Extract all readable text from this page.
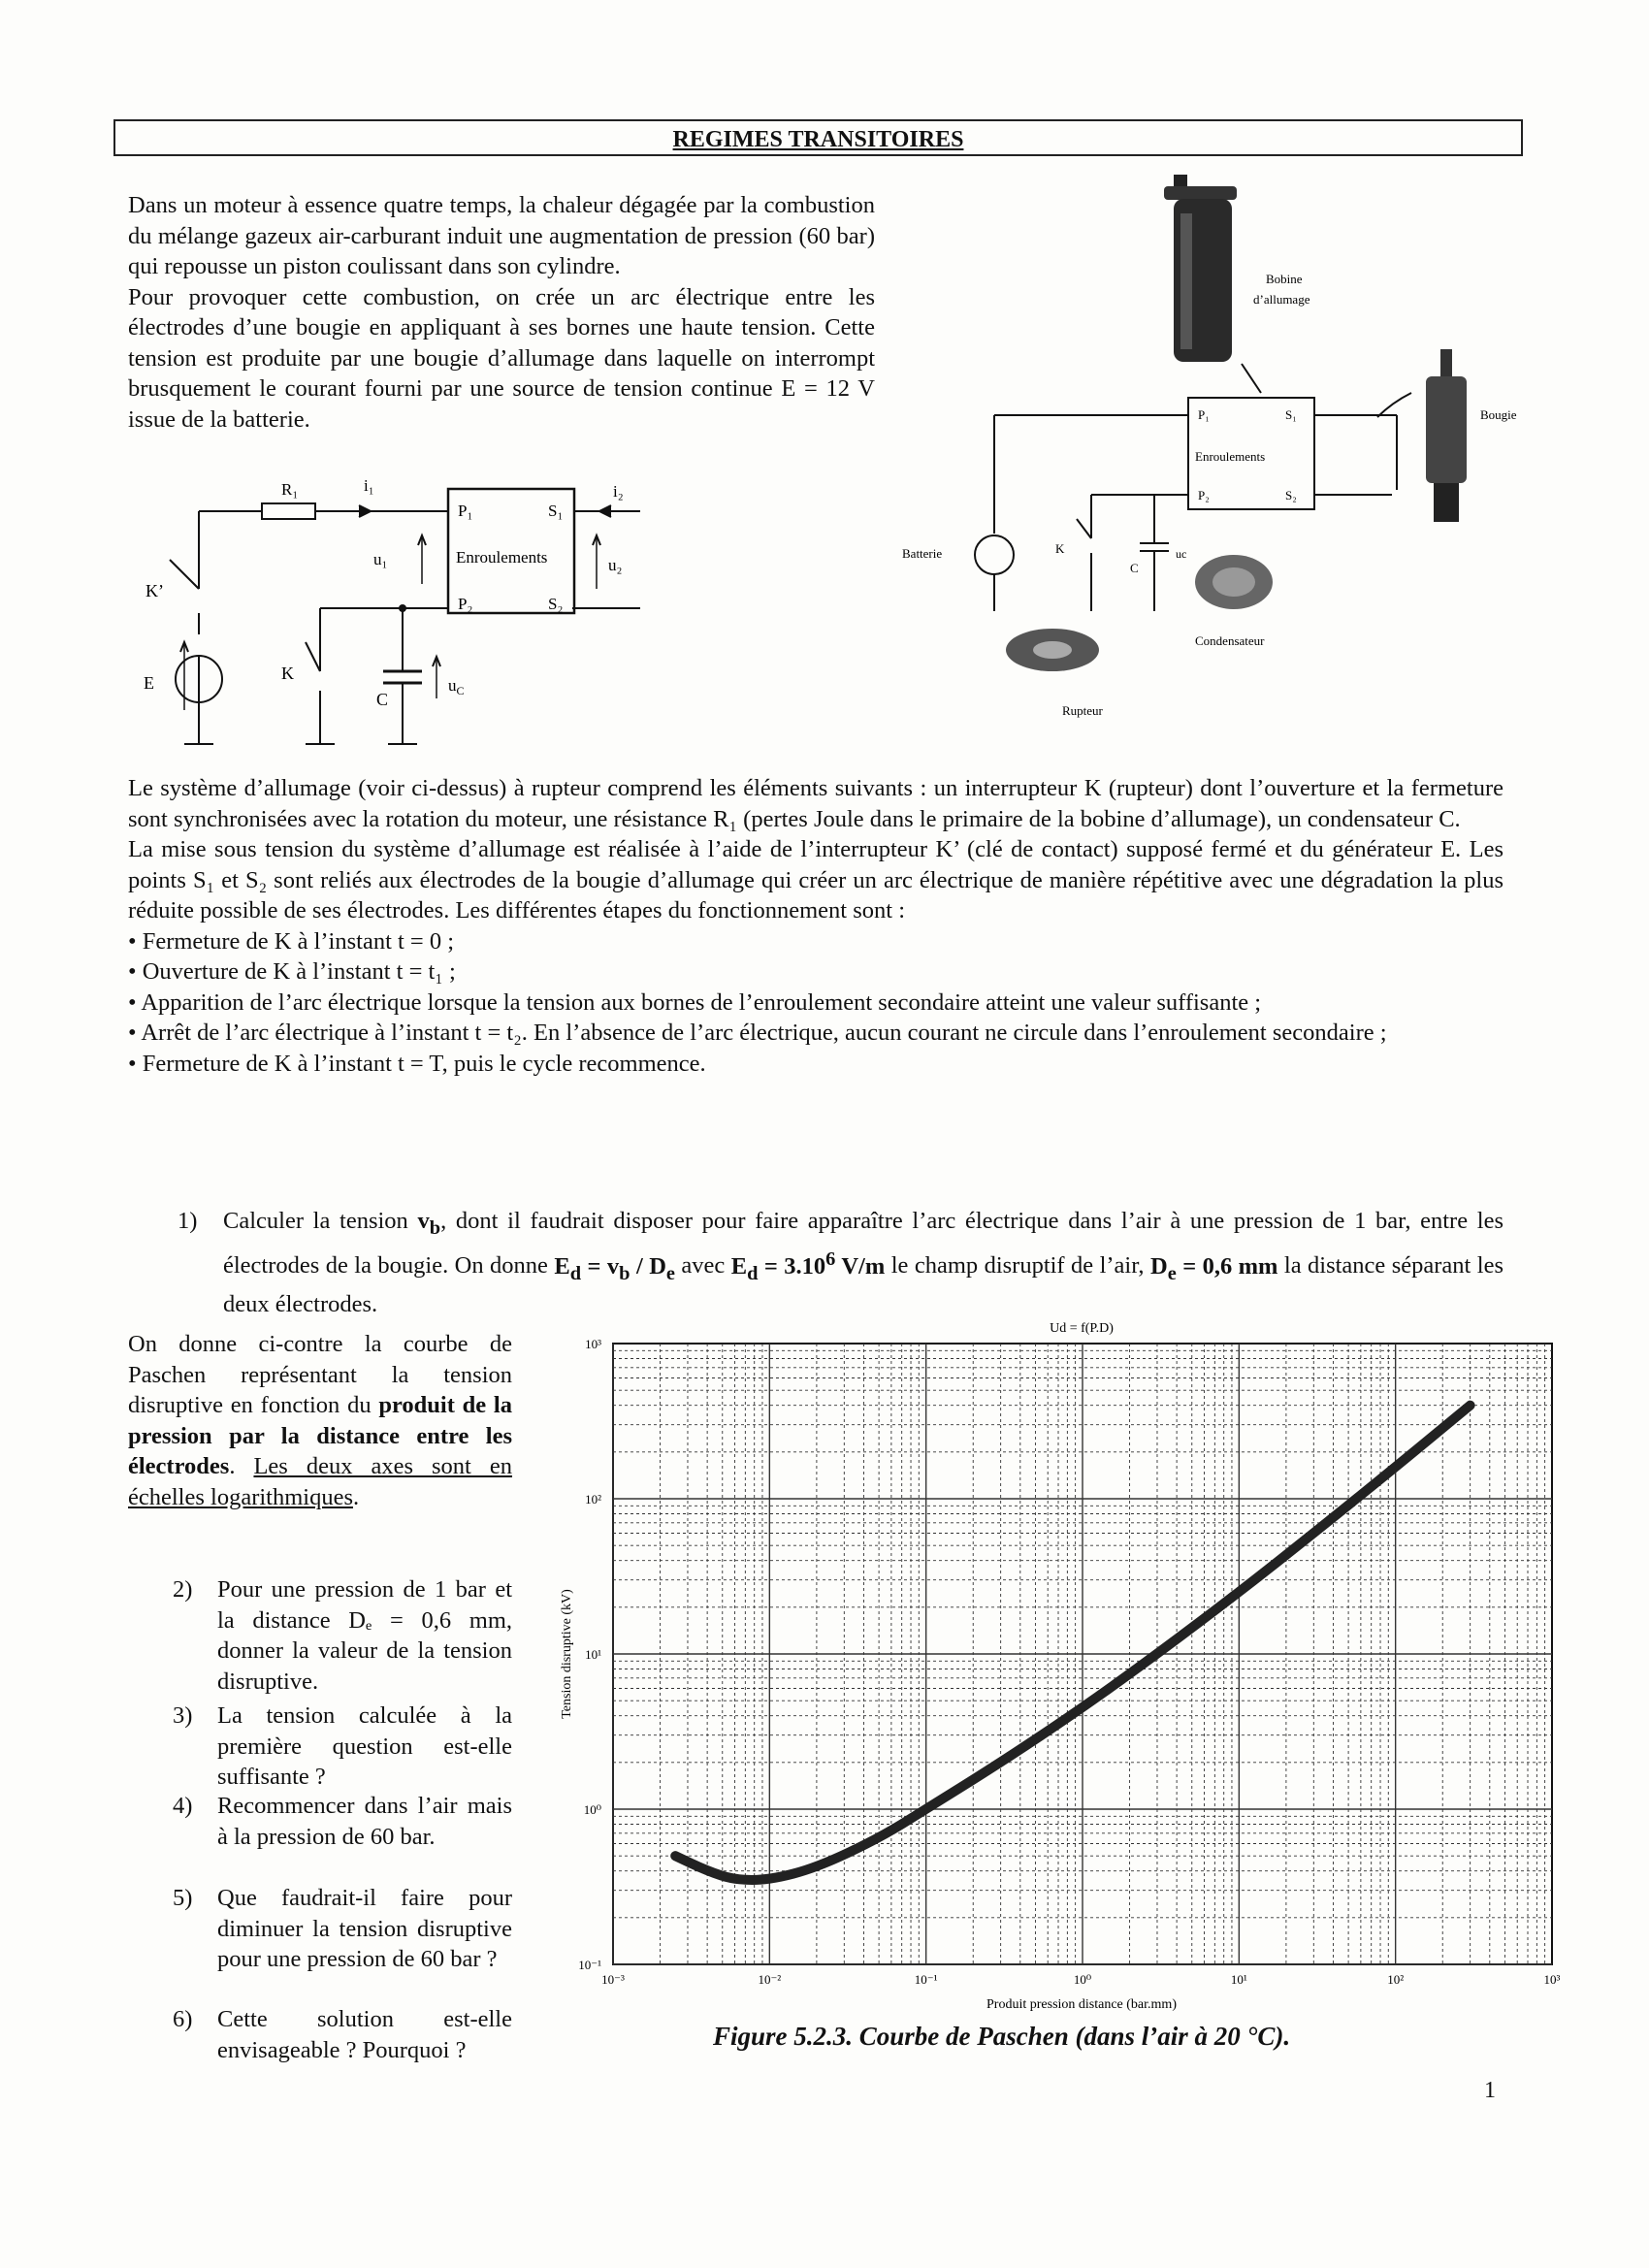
REGIMES TRANSITOIRES

Dans un moteur à essence quatre temps, la chaleur dégagée par la combustion du mélange gazeux air-carburant induit une augmentation de pression (60 bar) qui repousse un piston coulissant dans son cylindre.

Pour provoquer cette combustion, on crée un arc électrique entre les électrodes d’une bougie en appliquant à ses bornes une haute tension. Cette tension est produite par une bougie d’allumage dans laquelle on interrompt brusquement le courant fourni par une source de tension continue E = 12 V issue de la batterie.

R₁	i₁	i₂
P₁	S₁
Enroulements
P₂	S₂
u₁	u₂
$u_C$
K’
K
E
C
Bobine
d’allumage
P₁	S₁
Enroulements
P₂	S₂
Bougie
Batterie	K
C
uc
Condensateur
Rupteur

Le système d’allumage (voir ci-dessus) à rupteur comprend les éléments suivants : un interrupteur K (rupteur) dont l’ouverture et la fermeture sont synchronisées avec la rotation du moteur, une résistance R₁ (pertes Joule dans le primaire de la bobine d’allumage), un condensateur C.

La mise sous tension du système d’allumage est réalisée à l’aide de l’interrupteur K’ (clé de contact) supposé fermé et du générateur E. Les points S₁ et S₂ sont reliés aux électrodes de la bougie d’allumage qui créer un arc électrique de manière répétitive avec une dégradation la plus réduite possible de ses électrodes. Les différentes étapes du fonctionnement sont :

• Fermeture de K à l’instant t = 0 ;

• Ouverture de K à l’instant t = t₁ ;

• Apparition de l’arc électrique lorsque la tension aux bornes de l’enroulement secondaire atteint une valeur suffisante ;

• Arrêt de l’arc électrique à l’instant t = t₂. En l’absence de l’arc électrique, aucun courant ne circule dans l’enroulement secondaire ;

• Fermeture de K à l’instant t = T, puis le cycle recommence.

1) Calculer la tension $v_b$, dont il faudrait disposer pour faire apparaître l’arc électrique dans l’air à une pression de 1 bar, entre les électrodes de la bougie. On donne $E_d = v_b / D_e$ avec $E_d = 3.10^6$ V/m le champ disruptif de l’air, $D_e = 0,6$ mm la distance séparant les deux électrodes.
On donne ci-contre la courbe de Paschen représentant la tension disruptive en fonction du produit de la pression par la distance entre les électrodes. Les deux axes sont en échelles logarithmiques.
2) Pour une pression de 1 bar et la distance Dₑ = 0,6 mm, donner la valeur de la tension disruptive.
3) La tension calculée à la première question est-elle suffisante ?
4) Recommencer dans l’air mais à la pression de 60 bar.
5) Que faudrait-il faire pour diminuer la tension disruptive pour une pression de 60 bar ?
6) Cette solution est-elle envisageable ? Pourquoi ?
Ud = f(P.D)
Tension disruptive (kV)
Produit pression distance (bar.mm)
10⁻³	10⁻²	10⁻¹	10⁰	10¹	10²	10³
10⁻¹
10⁰
10¹
10²
10³
Figure 5.2.3. Courbe de Paschen (dans l’air à 20 °C).
1
